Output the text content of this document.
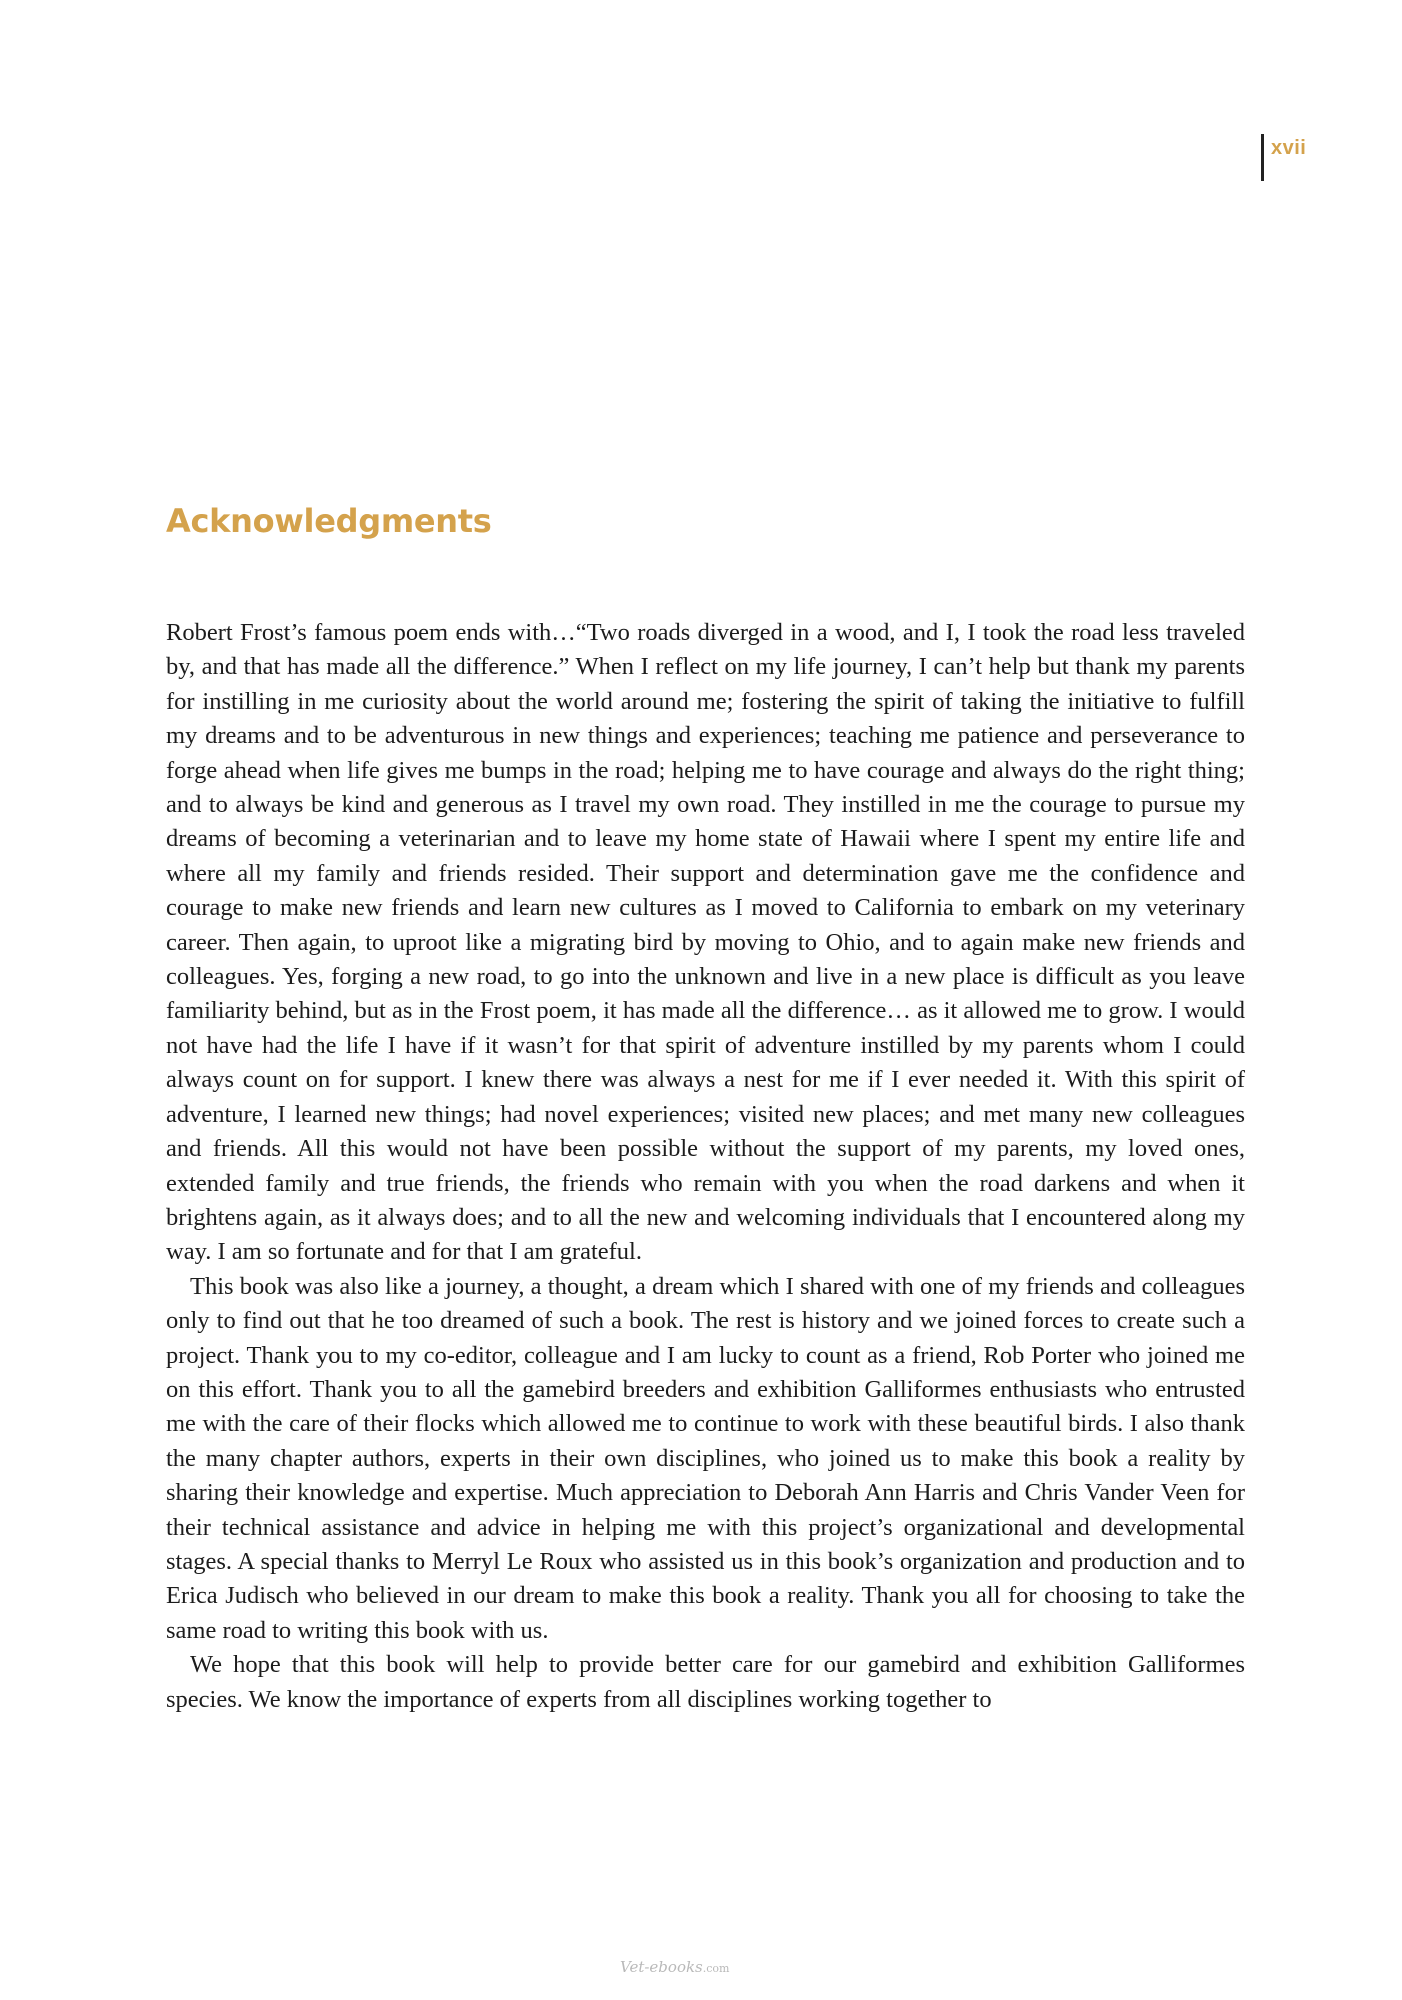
xvii
Acknowledgments

Robert Frost’s famous poem ends with…“Two roads diverged in a wood, and I, I took the road less traveled by, and that has made all the difference.” When I reflect on my life journey, I can’t help but thank my parents for instilling in me curiosity about the world around me; fostering the spirit of taking the initiative to fulfill my dreams and to be adventurous in new things and experiences; teaching me patience and perseverance to forge ahead when life gives me bumps in the road; helping me to have courage and always do the right thing; and to always be kind and generous as I travel my own road. They instilled in me the courage to pursue my dreams of becoming a veterinarian and to leave my home state of Hawaii where I spent my entire life and where all my family and friends resided. Their support and determination gave me the confidence and courage to make new friends and learn new cultures as I moved to California to embark on my veterinary career. Then again, to uproot like a migrating bird by moving to Ohio, and to again make new friends and colleagues. Yes, forging a new road, to go into the unknown and live in a new place is difficult as you leave familiarity behind, but as in the Frost poem, it has made all the difference… as it allowed me to grow. I would not have had the life I have if it wasn’t for that spirit of adventure instilled by my parents whom I could always count on for support. I knew there was always a nest for me if I ever needed it. With this spirit of adventure, I learned new things; had novel experiences; visited new places; and met many new colleagues and friends. All this would not have been possible without the support of my parents, my loved ones, extended family and true friends, the friends who remain with you when the road darkens and when it brightens again, as it always does; and to all the new and welcoming individuals that I encountered along my way. I am so fortunate and for that I am grateful.

This book was also like a journey, a thought, a dream which I shared with one of my friends and colleagues only to find out that he too dreamed of such a book. The rest is history and we joined forces to create such a project. Thank you to my co-editor, colleague and I am lucky to count as a friend, Rob Porter who joined me on this effort. Thank you to all the gamebird breeders and exhibition Galliformes enthusiasts who entrusted me with the care of their flocks which allowed me to continue to work with these beautiful birds. I also thank the many chapter authors, experts in their own disciplines, who joined us to make this book a reality by sharing their knowledge and expertise. Much appreciation to Deborah Ann Harris and Chris Vander Veen for their technical assistance and advice in helping me with this project’s organizational and developmental stages. A special thanks to Merryl Le Roux who assisted us in this book’s organization and production and to Erica Judisch who believed in our dream to make this book a reality. Thank you all for choosing to take the same road to writing this book with us.

We hope that this book will help to provide better care for our gamebird and exhibition Galliformes species. We know the importance of experts from all disciplines working together to

Vet-ebooks.com
